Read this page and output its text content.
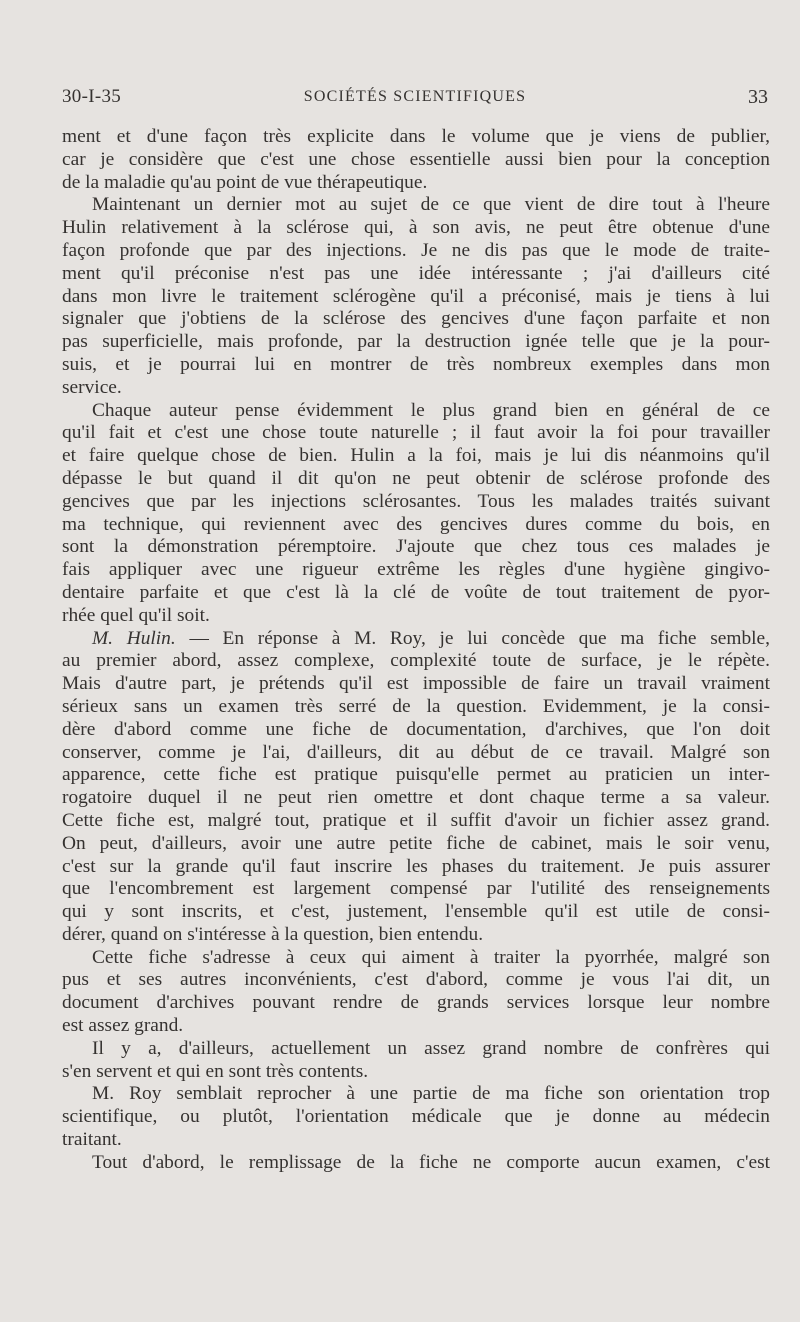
30-I-35	SOCIÉTÉS SCIENTIFIQUES	33
ment et d'une façon très explicite dans le volume que je viens de publier,
car je considère que c'est une chose essentielle aussi bien pour la conception
de la maladie qu'au point de vue thérapeutique.
Maintenant un dernier mot au sujet de ce que vient de dire tout à l'heure
Hulin relativement à la sclérose qui, à son avis, ne peut être obtenue d'une
façon profonde que par des injections. Je ne dis pas que le mode de traite-
ment qu'il préconise n'est pas une idée intéressante ; j'ai d'ailleurs cité
dans mon livre le traitement sclérogène qu'il a préconisé, mais je tiens à lui
signaler que j'obtiens de la sclérose des gencives d'une façon parfaite et non
pas superficielle, mais profonde, par la destruction ignée telle que je la pour-
suis, et je pourrai lui en montrer de très nombreux exemples dans mon
service.
Chaque auteur pense évidemment le plus grand bien en général de ce
qu'il fait et c'est une chose toute naturelle ; il faut avoir la foi pour travailler
et faire quelque chose de bien. Hulin a la foi, mais je lui dis néanmoins qu'il
dépasse le but quand il dit qu'on ne peut obtenir de sclérose profonde des
gencives que par les injections sclérosantes. Tous les malades traités suivant
ma technique, qui reviennent avec des gencives dures comme du bois, en
sont la démonstration péremptoire. J'ajoute que chez tous ces malades je
fais appliquer avec une rigueur extrême les règles d'une hygiène gingivo-
dentaire parfaite et que c'est là la clé de voûte de tout traitement de pyor-
rhée quel qu'il soit.
M. Hulin. — En réponse à M. Roy, je lui concède que ma fiche semble,
au premier abord, assez complexe, complexité toute de surface, je le répète.
Mais d'autre part, je prétends qu'il est impossible de faire un travail vraiment
sérieux sans un examen très serré de la question. Evidemment, je la consi-
dère d'abord comme une fiche de documentation, d'archives, que l'on doit
conserver, comme je l'ai, d'ailleurs, dit au début de ce travail. Malgré son
apparence, cette fiche est pratique puisqu'elle permet au praticien un inter-
rogatoire duquel il ne peut rien omettre et dont chaque terme a sa valeur.
Cette fiche est, malgré tout, pratique et il suffit d'avoir un fichier assez grand.
On peut, d'ailleurs, avoir une autre petite fiche de cabinet, mais le soir venu,
c'est sur la grande qu'il faut inscrire les phases du traitement. Je puis assurer
que l'encombrement est largement compensé par l'utilité des renseignements
qui y sont inscrits, et c'est, justement, l'ensemble qu'il est utile de consi-
dérer, quand on s'intéresse à la question, bien entendu.
Cette fiche s'adresse à ceux qui aiment à traiter la pyorrhée, malgré son
pus et ses autres inconvénients, c'est d'abord, comme je vous l'ai dit, un
document d'archives pouvant rendre de grands services lorsque leur nombre
est assez grand.
Il y a, d'ailleurs, actuellement un assez grand nombre de confrères qui
s'en servent et qui en sont très contents.
M. Roy semblait reprocher à une partie de ma fiche son orientation trop
scientifique, ou plutôt, l'orientation médicale que je donne au médecin
traitant.
Tout d'abord, le remplissage de la fiche ne comporte aucun examen, c'est
